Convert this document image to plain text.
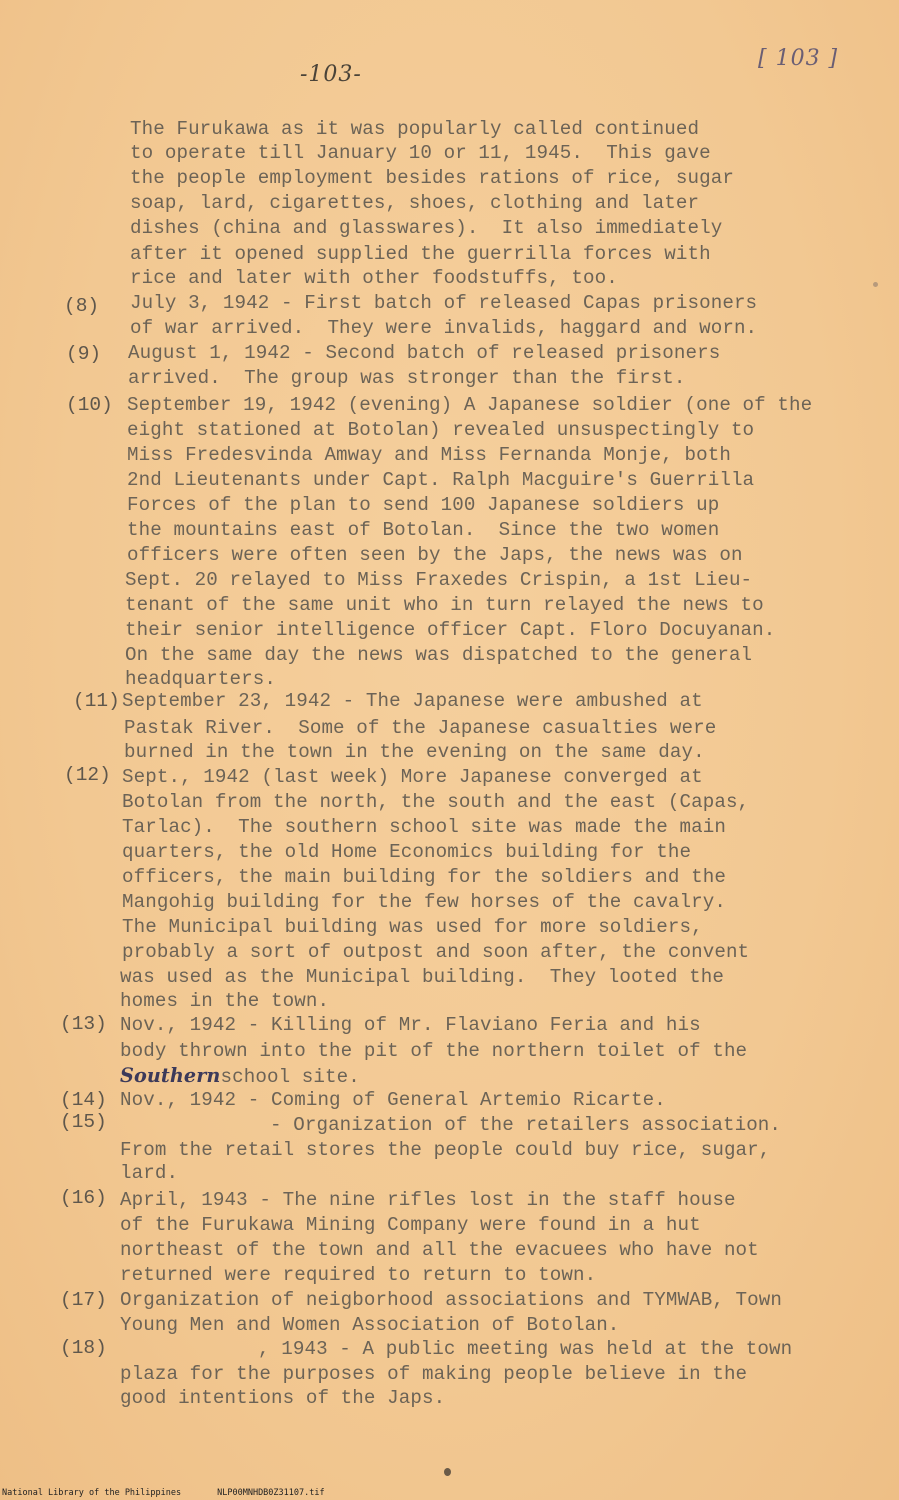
-103-
[ 103 ]
(8)
(9)
(10)
(11)
(12)
(13)
(14)
(15)
(16)
(17)
(18)
The Furukawa as it was popularly called continued
to operate till January 10 or 11, 1945.  This gave
the people employment besides rations of rice, sugar
soap, lard, cigarettes, shoes, clothing and later
dishes (china and glasswares).  It also immediately
after it opened supplied the guerrilla forces with
rice and later with other foodstuffs, too.
July 3, 1942 - First batch of released Capas prisoners
of war arrived.  They were invalids, haggard and worn.
August 1, 1942 - Second batch of released prisoners
arrived.  The group was stronger than the first.
September 19, 1942 (evening) A Japanese soldier (one of the
eight stationed at Botolan) revealed unsuspectingly to
Miss Fredesvinda Amway and Miss Fernanda Monje, both
2nd Lieutenants under Capt. Ralph Macguire's Guerrilla
Forces of the plan to send 100 Japanese soldiers up
the mountains east of Botolan.  Since the two women
officers were often seen by the Japs, the news was on
Sept. 20 relayed to Miss Fraxedes Crispin, a 1st Lieu-
tenant of the same unit who in turn relayed the news to
their senior intelligence officer Capt. Floro Docuyanan.
On the same day the news was dispatched to the general
headquarters.
September 23, 1942 - The Japanese were ambushed at
Pastak River.  Some of the Japanese casualties were
burned in the town in the evening on the same day.
Sept., 1942 (last week) More Japanese converged at
Botolan from the north, the south and the east (Capas,
Tarlac).  The southern school site was made the main
quarters, the old Home Economics building for the
officers, the main building for the soldiers and the
Mangohig building for the few horses of the cavalry.
The Municipal building was used for more soldiers,
probably a sort of outpost and soon after, the convent
was used as the Municipal building.  They looted the
homes in the town.
Nov., 1942 - Killing of Mr. Flaviano Feria and his
body thrown into the pit of the northern toilet of the
Southernschool site.
Nov., 1942 - Coming of General Artemio Ricarte.
- Organization of the retailers association.
From the retail stores the people could buy rice, sugar,
lard.
April, 1943 - The nine rifles lost in the staff house
of the Furukawa Mining Company were found in a hut
northeast of the town and all the evacuees who have not
returned were required to return to town.
Organization of neigborhood associations and TYMWAB, Town
Young Men and Women Association of Botolan.
, 1943 - A public meeting was held at the town
plaza for the purposes of making people believe in the
good intentions of the Japs.
National Library of the Philippines	NLP00MNHDB0Z31107.tif
